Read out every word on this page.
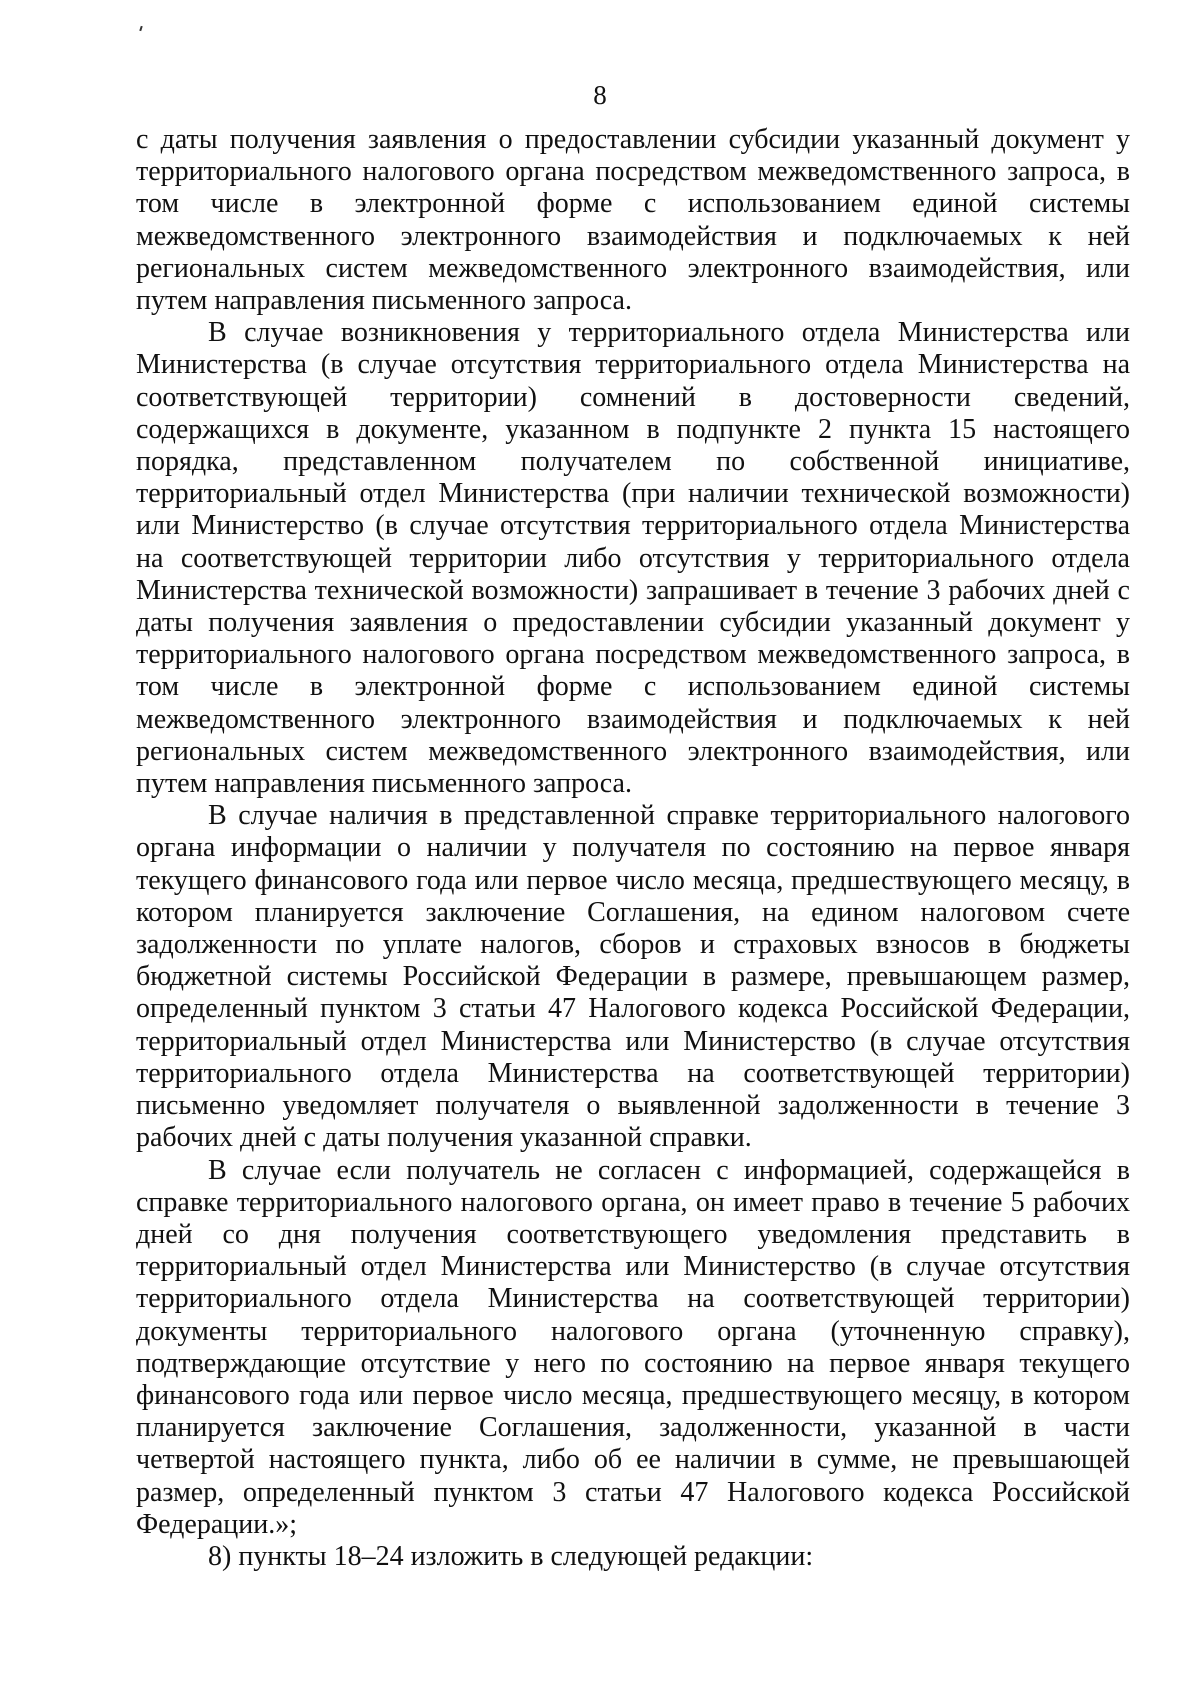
8

с даты получения заявления о предоставлении субсидии указанный документ у территориального налогового органа посредством межведомственного запроса, в том числе в электронной форме с использованием единой системы межведомственного электронного взаимодействия и подключаемых к ней региональных систем межведомственного электронного взаимодействия, или путем направления письменного запроса.

В случае возникновения у территориального отдела Министерства или Министерства (в случае отсутствия территориального отдела Министерства на соответствующей территории) сомнений в достоверности сведений, содержащихся в документе, указанном в подпункте 2 пункта 15 настоящего порядка, представленном получателем по собственной инициативе, территориальный отдел Министерства (при наличии технической возможности) или Министерство (в случае отсутствия территориального отдела Министерства на соответствующей территории либо отсутствия у территориального отдела Министерства технической возможности) запрашивает в течение 3 рабочих дней с даты получения заявления о предоставлении субсидии указанный документ у территориального налогового органа посредством межведомственного запроса, в том числе в электронной форме с использованием единой системы межведомственного электронного взаимодействия и подключаемых к ней региональных систем межведомственного электронного взаимодействия, или путем направления письменного запроса.

В случае наличия в представленной справке территориального налогового органа информации о наличии у получателя по состоянию на первое января текущего финансового года или первое число месяца, предшествующего месяцу, в котором планируется заключение Соглашения, на едином налоговом счете задолженности по уплате налогов, сборов и страховых взносов в бюджеты бюджетной системы Российской Федерации в размере, превышающем размер, определенный пунктом 3 статьи 47 Налогового кодекса Российской Федерации, территориальный отдел Министерства или Министерство (в случае отсутствия территориального отдела Министерства на соответствующей территории) письменно уведомляет получателя о выявленной задолженности в течение 3 рабочих дней с даты получения указанной справки.

В случае если получатель не согласен с информацией, содержащейся в справке территориального налогового органа, он имеет право в течение 5 рабочих дней со дня получения соответствующего уведомления представить в территориальный отдел Министерства или Министерство (в случае отсутствия территориального отдела Министерства на соответствующей территории) документы территориального налогового органа (уточненную справку), подтверждающие отсутствие у него по состоянию на первое января текущего финансового года или первое число месяца, предшествующего месяцу, в котором планируется заключение Соглашения, задолженности, указанной в части четвертой настоящего пункта, либо об ее наличии в сумме, не превышающей размер, определенный пунктом 3 статьи 47 Налогового кодекса Российской Федерации.»;

8) пункты 18–24 изложить в следующей редакции:
